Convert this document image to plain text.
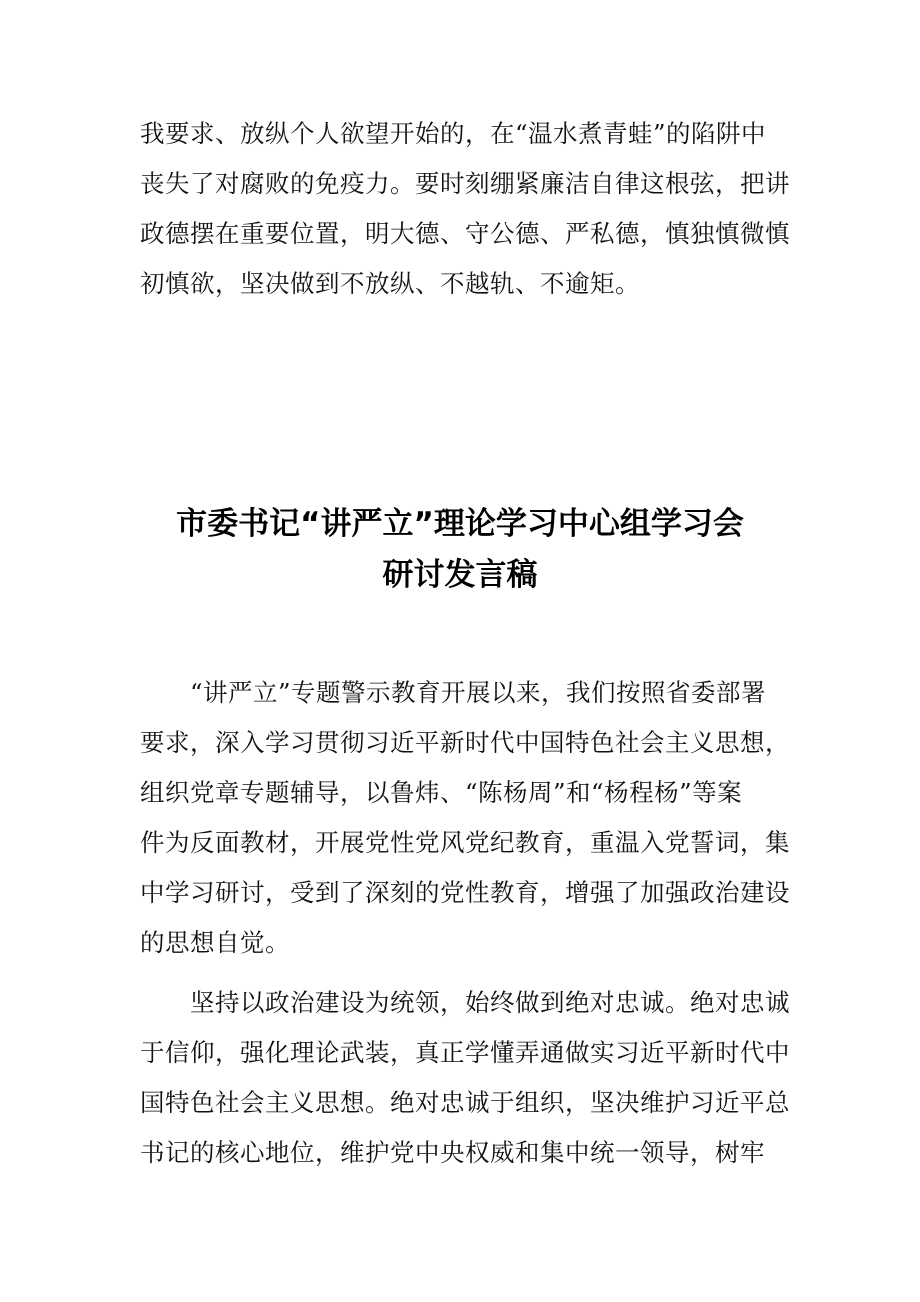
我要求、放纵个人欲望开始的，在“温水煮青蛙”的陷阱中
丧失了对腐败的免疫力。要时刻绷紧廉洁自律这根弦，把讲
政德摆在重要位置，明大德、守公德、严私德，慎独慎微慎
初慎欲，坚决做到不放纵、不越轨、不逾矩。
市委书记“讲严立”理论学习中心组学习会
研讨发言稿
　　“讲严立”专题警示教育开展以来，我们按照省委部署
要求，深入学习贯彻习近平新时代中国特色社会主义思想，
组织党章专题辅导，以鲁炜、“陈杨周”和“杨程杨”等案
件为反面教材，开展党性党风党纪教育，重温入党誓词，集
中学习研讨，受到了深刻的党性教育，增强了加强政治建设
的思想自觉。
　　坚持以政治建设为统领，始终做到绝对忠诚。绝对忠诚
于信仰，强化理论武装，真正学懂弄通做实习近平新时代中
国特色社会主义思想。绝对忠诚于组织，坚决维护习近平总
书记的核心地位，维护党中央权威和集中统一领导，树牢
